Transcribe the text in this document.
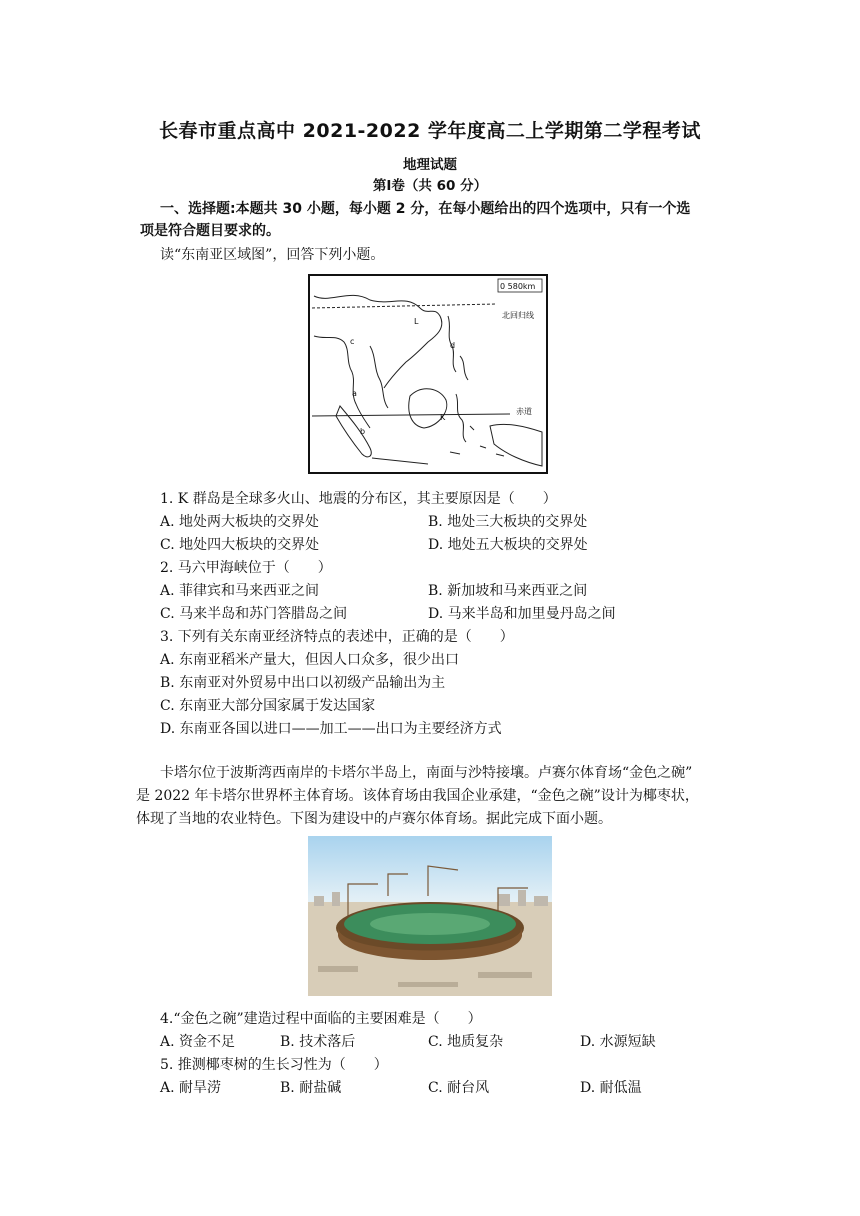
长春市重点高中 2021-2022 学年度高二上学期第二学程考试
地理试题
第Ⅰ卷（共 60 分）
一、选择题:本题共 30 小题，每小题 2 分，在每小题给出的四个选项中，只有一个选
项是符合题目要求的。
读“东南亚区域图”，回答下列小题。
0 580km
北回归线
赤道
L
K
a
b
c	d
1. K 群岛是全球多火山、地震的分布区，其主要原因是（　　）
A. 地处两大板块的交界处	B. 地处三大板块的交界处
C. 地处四大板块的交界处	D. 地处五大板块的交界处
2. 马六甲海峡位于（　　）
A. 菲律宾和马来西亚之间	B. 新加坡和马来西亚之间
C. 马来半岛和苏门答腊岛之间	D. 马来半岛和加里曼丹岛之间
3. 下列有关东南亚经济特点的表述中，正确的是（　　）
A. 东南亚稻米产量大，但因人口众多，很少出口
B. 东南亚对外贸易中出口以初级产品输出为主
C. 东南亚大部分国家属于发达国家
D. 东南亚各国以进口——加工——出口为主要经济方式
卡塔尔位于波斯湾西南岸的卡塔尔半岛上，南面与沙特接壤。卢赛尔体育场“金色之碗”
是 2022 年卡塔尔世界杯主体育场。该体育场由我国企业承建，“金色之碗”设计为椰枣状，
体现了当地的农业特色。下图为建设中的卢赛尔体育场。据此完成下面小题。
4.“金色之碗”建造过程中面临的主要困难是（　　）
A. 资金不足	B. 技术落后	C. 地质复杂	D. 水源短缺
5. 推测椰枣树的生长习性为（　　）
A. 耐旱涝	B. 耐盐碱	C. 耐台风	D. 耐低温
